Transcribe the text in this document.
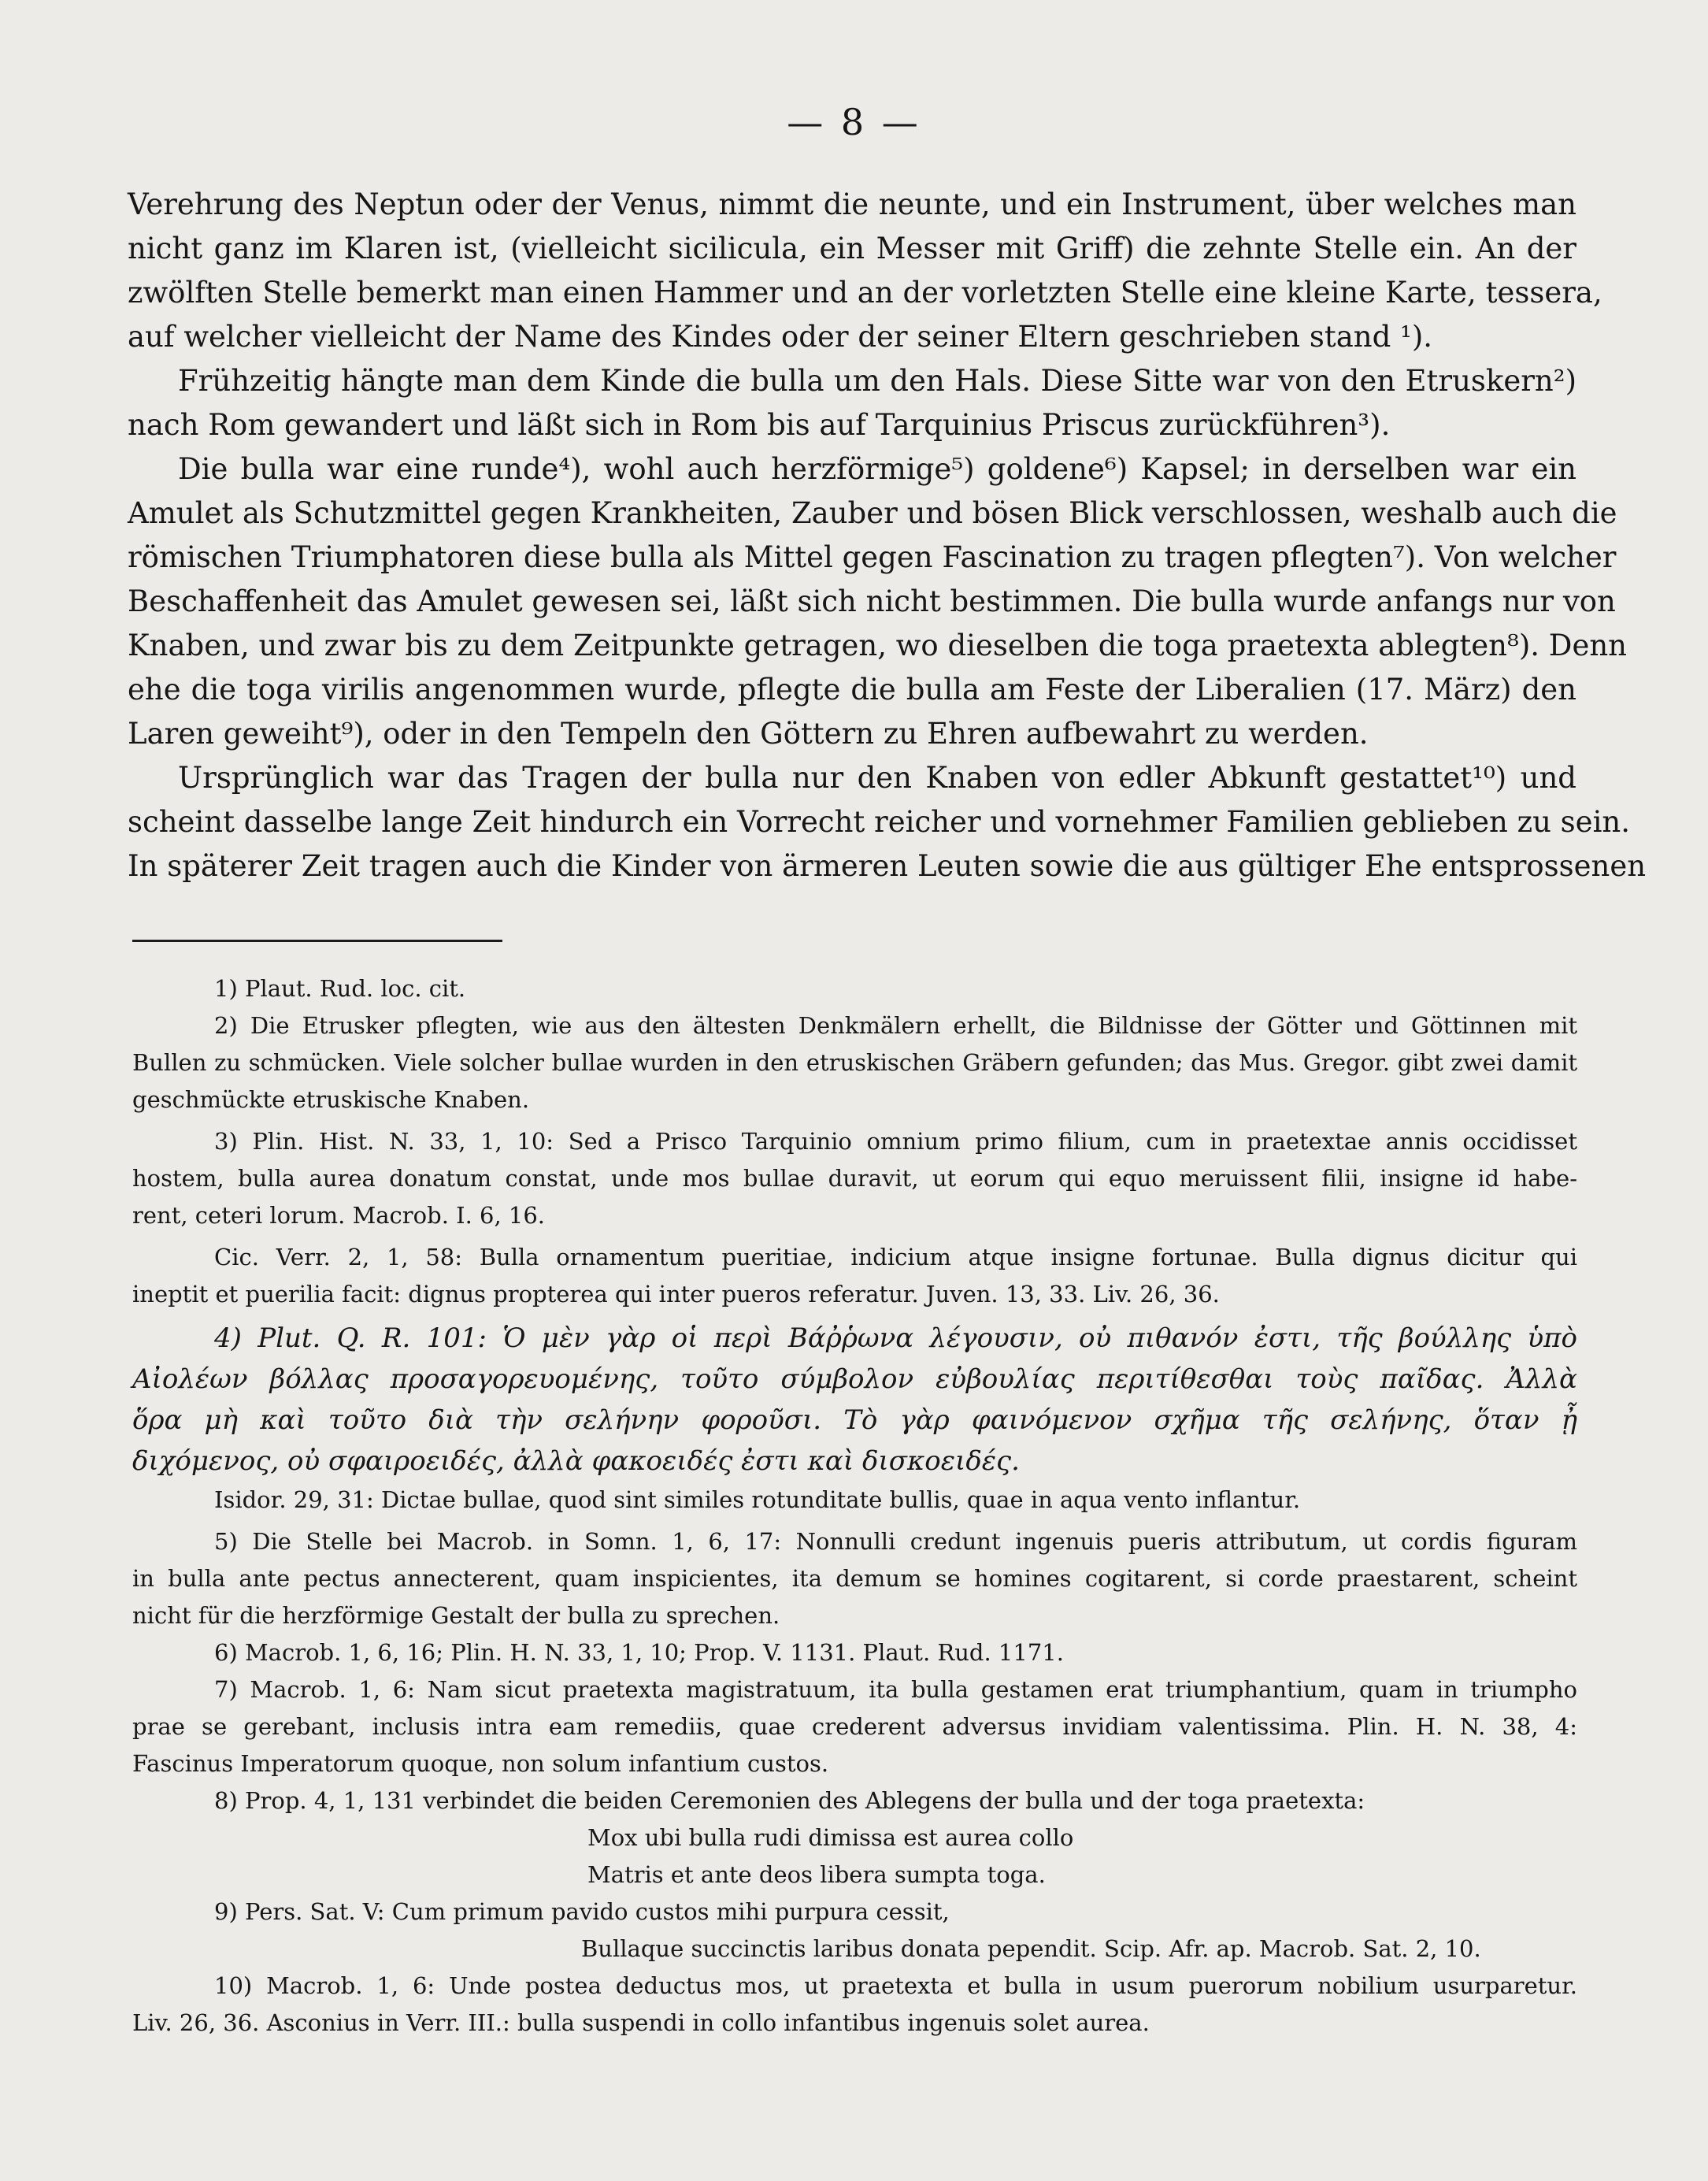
— 8 —
Verehrung des Neptun oder der Venus, nimmt die neunte, und ein Instrument, über welches man
nicht ganz im Klaren ist, (vielleicht sicilicula, ein Messer mit Griff) die zehnte Stelle ein. An der
zwölften Stelle bemerkt man einen Hammer und an der vorletzten Stelle eine kleine Karte, tessera,
auf welcher vielleicht der Name des Kindes oder der seiner Eltern geschrieben stand ¹).
Frühzeitig hängte man dem Kinde die bulla um den Hals. Diese Sitte war von den Etruskern²)
nach Rom gewandert und läßt sich in Rom bis auf Tarquinius Priscus zurückführen³).
Die bulla war eine runde⁴), wohl auch herzförmige⁵) goldene⁶) Kapsel; in derselben war ein
Amulet als Schutzmittel gegen Krankheiten, Zauber und bösen Blick verschlossen, weshalb auch die
römischen Triumphatoren diese bulla als Mittel gegen Fascination zu tragen pflegten⁷). Von welcher
Beschaffenheit das Amulet gewesen sei, läßt sich nicht bestimmen. Die bulla wurde anfangs nur von
Knaben, und zwar bis zu dem Zeitpunkte getragen, wo dieselben die toga praetexta ablegten⁸). Denn
ehe die toga virilis angenommen wurde, pflegte die bulla am Feste der Liberalien (17. März) den
Laren geweiht⁹), oder in den Tempeln den Göttern zu Ehren aufbewahrt zu werden.
Ursprünglich war das Tragen der bulla nur den Knaben von edler Abkunft gestattet¹⁰) und
scheint dasselbe lange Zeit hindurch ein Vorrecht reicher und vornehmer Familien geblieben zu sein.
In späterer Zeit tragen auch die Kinder von ärmeren Leuten sowie die aus gültiger Ehe entsprossenen
1) Plaut. Rud. loc. cit.
2) Die Etrusker pflegten, wie aus den ältesten Denkmälern erhellt, die Bildnisse der Götter und Göttinnen mit
Bullen zu schmücken. Viele solcher bullae wurden in den etruskischen Gräbern gefunden; das Mus. Gregor. gibt zwei damit
geschmückte etruskische Knaben.
3) Plin. Hist. N. 33, 1, 10: Sed a Prisco Tarquinio omnium primo filium, cum in praetextae annis occidisset
hostem, bulla aurea donatum constat, unde mos bullae duravit, ut eorum qui equo meruissent filii, insigne id habe-
rent, ceteri lorum. Macrob. I. 6, 16.
Cic. Verr. 2, 1, 58: Bulla ornamentum pueritiae, indicium atque insigne fortunae. Bulla dignus dicitur qui
ineptit et puerilia facit: dignus propterea qui inter pueros referatur. Juven. 13, 33. Liv. 26, 36.
4) Plut. Q. R. 101: Ὁ μὲν γὰρ οἱ περὶ Βάῤῥωνα λέγουσιν, οὐ πιθανόν ἐστι, τῆς βούλλης ὑπὸ
Αἰολέων βόλλας προσαγορευομένης, τοῦτο σύμβολον εὐβουλίας περιτίθεσθαι τοὺς παῖδας. Ἀλλὰ
ὅρα μὴ καὶ τοῦτο διὰ τὴν σελήνην φοροῦσι. Τὸ γὰρ φαινόμενον σχῆμα τῆς σελήνης, ὅταν ᾖ
διχόμενος, οὐ σφαιροειδές, ἀλλὰ φακοειδές ἐστι καὶ δισκοειδές.
Isidor. 29, 31: Dictae bullae, quod sint similes rotunditate bullis, quae in aqua vento inflantur.
5) Die Stelle bei Macrob. in Somn. 1, 6, 17: Nonnulli credunt ingenuis pueris attributum, ut cordis figuram
in bulla ante pectus annecterent, quam inspicientes, ita demum se homines cogitarent, si corde praestarent, scheint
nicht für die herzförmige Gestalt der bulla zu sprechen.
6) Macrob. 1, 6, 16; Plin. H. N. 33, 1, 10; Prop. V. 1131. Plaut. Rud. 1171.
7) Macrob. 1, 6: Nam sicut praetexta magistratuum, ita bulla gestamen erat triumphantium, quam in triumpho
prae se gerebant, inclusis intra eam remediis, quae crederent adversus invidiam valentissima. Plin. H. N. 38, 4:
Fascinus Imperatorum quoque, non solum infantium custos.
8) Prop. 4, 1, 131 verbindet die beiden Ceremonien des Ablegens der bulla und der toga praetexta:
Mox ubi bulla rudi dimissa est aurea collo
Matris et ante deos libera sumpta toga.
9) Pers. Sat. V: Cum primum pavido custos mihi purpura cessit,
Bullaque succinctis laribus donata pependit. Scip. Afr. ap. Macrob. Sat. 2, 10.
10) Macrob. 1, 6: Unde postea deductus mos, ut praetexta et bulla in usum puerorum nobilium usurparetur.
Liv. 26, 36. Asconius in Verr. III.: bulla suspendi in collo infantibus ingenuis solet aurea.
